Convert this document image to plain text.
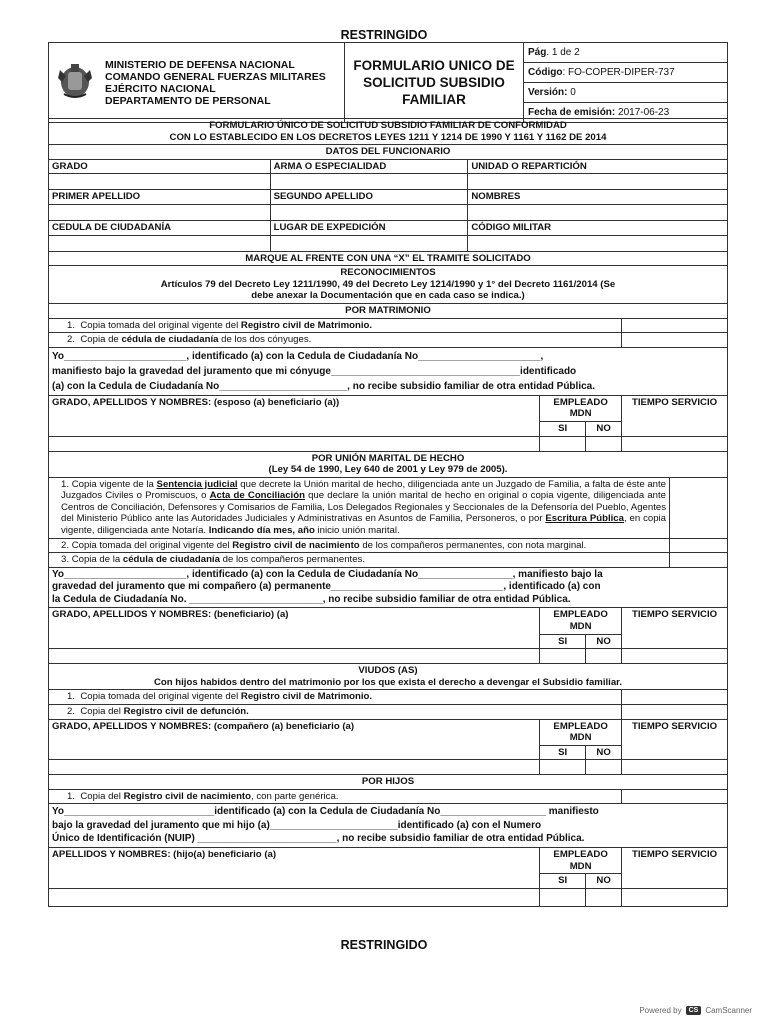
RESTRINGIDO

MINISTERIO DE DEFENSA NACIONAL
COMANDO GENERAL FUERZAS MILITARES
EJÉRCITO NACIONAL
DEPARTAMENTO DE PERSONAL
	FORMULARIO UNICO DE SOLICITUD SUBSIDIO FAMILIAR	Pág. 1 de 2
Código: FO-COPER-DIPER-737
Versión: 0
Fecha de emisión: 2017-06-23
FORMULARIO ÚNICO DE SOLICITUD SUBSIDIO FAMILIAR DE CONFORMIDAD
CON LO ESTABLECIDO EN LOS DECRETOS LEYES 1211 Y 1214 DE 1990 Y 1161 Y 1162 DE 2014						

DATOS DEL FUNCIONARIO						
GRADO	ARMA O ESPECIALIDAD	UNIDAD O REPARTICIÓN				

PRIMER APELLIDO	SEGUNDO APELLIDO	NOMBRES				

CEDULA DE CIUDADANÍA	LUGAR DE EXPEDICIÓN	CÓDIGO MILITAR				

MARQUE AL FRENTE CON UNA “X” EL TRAMITE SOLICITADO						

RECONOCIMIENTOS
Artículos 79 del Decreto Ley 1211/1990, 49 del Decreto Ley 1214/1990 y 1° del Decreto 1161/2014 (Se
debe anexar la Documentación que en cada caso se indica.)						

POR MATRIMONIO						
1. Copia tomada del original vigente del Registro civil de Matrimonio.						
2. Copia de cédula de ciudadanía de los dos cónyuges.						

Yo______________________, identificado (a) con la Cedula de Ciudadanía No______________________,
manifiesto bajo la gravedad del juramento que mi cónyuge__________________________________identificado
(a) con la Cedula de Ciudadanía No_______________________, no recibe subsidio familiar de otra entidad Pública.						

GRADO, APELLIDOS Y NOMBRES: (esposo (a) beneficiario (a))			EMPLEADO MDN		TIEMPO SERVICIO	
			SI	NO		

POR UNIÓN MARITAL DE HECHO
(Ley 54 de 1990, Ley 640 de 2001 y Ley 979 de 2005).						

1. Copia vigente de la Sentencia judicial que decrete la Unión marital de hecho, diligenciada ante un Juzgado de Familia, a falta de éste ante Juzgados Civiles o Promiscuos, o Acta de Conciliación que declare la unión marital de hecho en original o copia vigente, diligenciada ante Centros de Conciliación, Defensores y Comisarios de Familia, Los Delegados Regionales y Seccionales de la Defensoría del Pueblo, Agentes del Ministerio Público ante las Autoridades Judiciales y Administrativas en Asuntos de Familia, Personeros, o por Escritura Pública, en copia vigente, diligenciada ante Notaría. Indicando día mes, año inicio unión marital.						
2. Copia tomada del original vigente del Registro civil de nacimiento de los compañeros permanentes, con nota marginal.						
3. Copia de la cédula de ciudadanía de los compañeros permanentes.						

Yo______________________, identificado (a) con la Cedula de Ciudadanía No_________________, manifiesto bajo la
gravedad del juramento que mi compañero (a) permanente_______________________________, identificado (a) con
la Cedula de Ciudadanía No. ________________________, no recibe subsidio familiar de otra entidad Pública.						

GRADO, APELLIDOS Y NOMBRES: (beneficiario) (a)			EMPLEADO MDN		TIEMPO SERVICIO	
			SI	NO		

VIUDOS (AS)
Con hijos habidos dentro del matrimonio por los que exista el derecho a devengar el Subsidio familiar.						

1. Copia tomada del original vigente del Registro civil de Matrimonio.						
2. Copia del Registro civil de defunción.						
GRADO, APELLIDOS Y NOMBRES: (compañero (a) beneficiario (a)			EMPLEADO MDN		TIEMPO SERVICIO	
			SI	NO		

POR HIJOS						
1. Copia del Registro civil de nacimiento, con parte genérica.						

Yo___________________________identificado (a) con la Cedula de Ciudadanía No___________________ manifiesto
bajo la gravedad del juramento que mi hijo (a)_______________________identificado (a) con el Numero
Único de Identificación (NUIP) _________________________, no recibe subsidio familiar de otra entidad Pública.						

APELLIDOS Y NOMBRES: (hijo(a) beneficiario (a)			EMPLEADO MDN		TIEMPO SERVICIO	
			SI	NO		

RESTRINGIDO
Powered by	CS CamScanner
